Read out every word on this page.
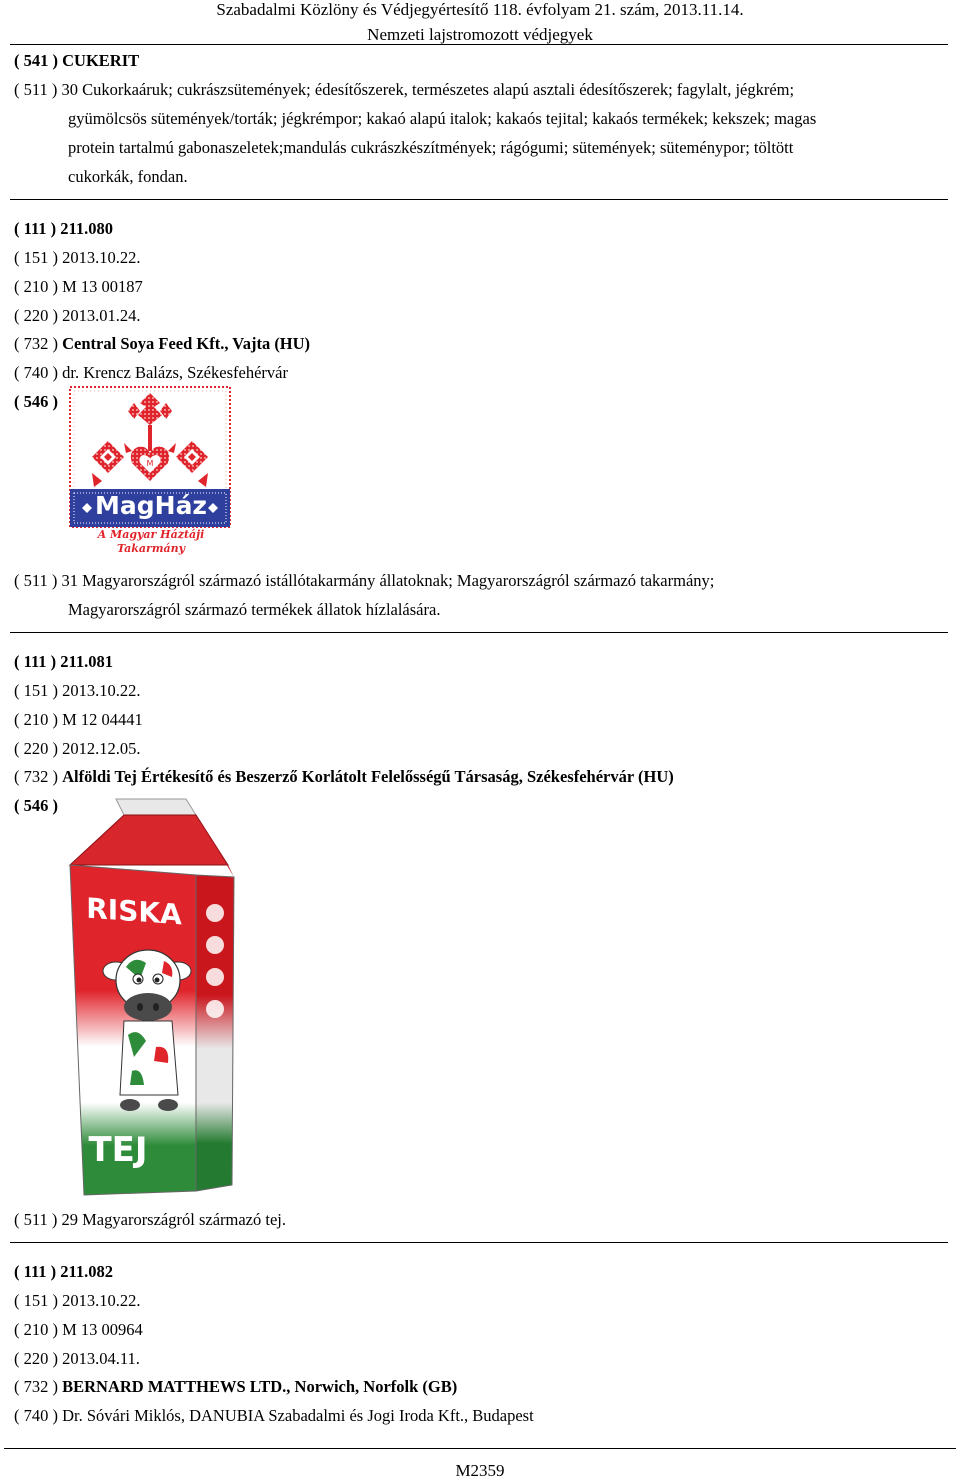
Szabadalmi Közlöny és Védjegyértesítő 118. évfolyam 21. szám, 2013.11.14.
Nemzeti lajstromozott védjegyek
( 541 ) CUKERIT
( 511 ) 30 Cukorkaáruk; cukrászsütemények; édesítőszerek, természetes alapú asztali édesítőszerek; fagylalt, jégkrém;
gyümölcsös sütemények/torták; jégkrémpor; kakaó alapú italok; kakaós tejital; kakaós termékek; kekszek; magas
protein tartalmú gabonaszeletek;mandulás cukrászkészítmények; rágógumi; sütemények; süteménypor; töltött
cukorkák, fondan.
( 111 ) 211.080
( 151 ) 2013.10.22.
( 210 ) M 13 00187
( 220 ) 2013.01.24.
( 732 ) Central Soya Feed Kft., Vajta (HU)
( 740 ) dr. Krencz Balázs, Székesfehérvár
( 546 )
M
MagHáz
A Magyar Háztáji
Takarmány
( 511 ) 31 Magyarországról származó istállótakarmány állatoknak; Magyarországról származó takarmány;
Magyarországról származó termékek állatok hízlalására.
( 111 ) 211.081
( 151 ) 2013.10.22.
( 210 ) M 12 04441
( 220 ) 2012.12.05.
( 732 ) Alföldi Tej Értékesítő és Beszerző Korlátolt Felelősségű Társaság, Székesfehérvár (HU)
( 546 )
RISKA
TEJ
( 511 ) 29 Magyarországról származó tej.
( 111 ) 211.082
( 151 ) 2013.10.22.
( 210 ) M 13 00964
( 220 ) 2013.04.11.
( 732 ) BERNARD MATTHEWS LTD., Norwich, Norfolk (GB)
( 740 ) Dr. Sóvári Miklós, DANUBIA Szabadalmi és Jogi Iroda Kft., Budapest
M2359
